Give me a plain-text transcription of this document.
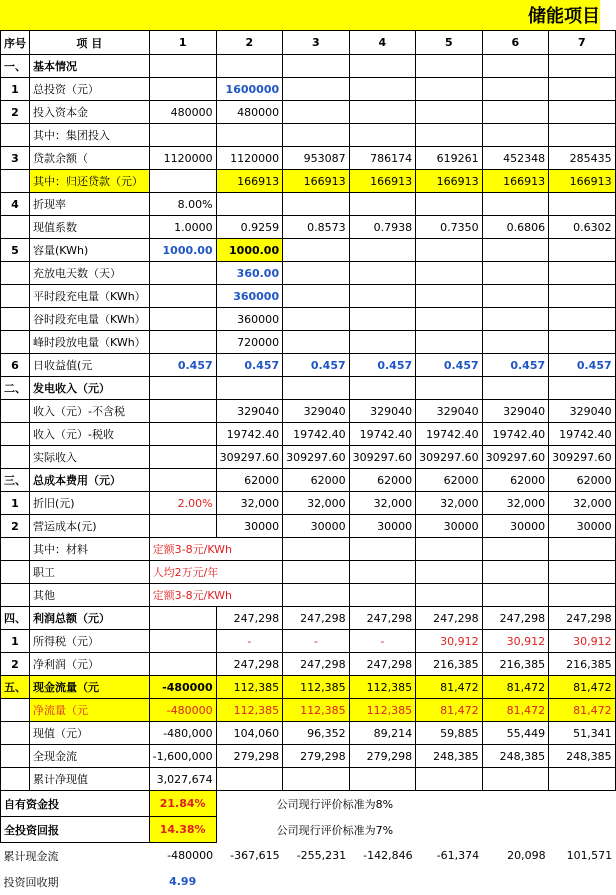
储能项目
序号	项 目	1	2	3	4	5	6	7
一、	基本情况							
1	总投资（元）		1600000					
2	投入资本金	480000	480000					
	其中：集团投入							
3	贷款余额（	1120000	1120000	953087	786174	619261	452348	285435
	其中：归还贷款（元）		166913	166913	166913	166913	166913	166913
4	折现率	8.00%						
	现值系数	1.0000	0.9259	0.8573	0.7938	0.7350	0.6806	0.6302
5	容量(KWh)	1000.00	1000.00					
	充放电天数（天）		360.00					
	平时段充电量（KWh）		360000					
	谷时段充电量（KWh）		360000					
	峰时段放电量（KWh）		720000					
6	日收益值(元	0.457	0.457	0.457	0.457	0.457	0.457	0.457
二、	发电收入（元）							
	收入（元）-不含税		329040	329040	329040	329040	329040	329040
	收入（元）-税收		19742.40	19742.40	19742.40	19742.40	19742.40	19742.40
	实际收入		309297.60	309297.60	309297.60	309297.60	309297.60	309297.60
三、	总成本费用（元）		62000	62000	62000	62000	62000	62000
1	折旧(元)	2.00%	32,000	32,000	32,000	32,000	32,000	32,000
2	营运成本(元)		30000	30000	30000	30000	30000	30000
	其中：材料	定额3-8元/KWh						
	职工	人均2万元/年						
	其他	定额3-8元/KWh						
四、	利润总额（元）		247,298	247,298	247,298	247,298	247,298	247,298
1	所得税（元）		-	-	-	30,912	30,912	30,912
2	净利润（元）		247,298	247,298	247,298	216,385	216,385	216,385
五、	现金流量（元	-480000	112,385	112,385	112,385	81,472	81,472	81,472
	净流量（元	-480000	112,385	112,385	112,385	81,472	81,472	81,472
	现值（元）	-480,000	104,060	96,352	89,214	59,885	55,449	51,341
	全现金流	-1,600,000	279,298	279,298	279,298	248,385	248,385	248,385
	累计净现值	3,027,674						
自有资金投		21.84%	公司现行评价标准为8%					
全投资回报		14.38%	公司现行评价标准为7%					
累计现金流		-480000	-367,615	-255,231	-142,846	-61,374	20,098	101,571
投资回收期		4.99						
